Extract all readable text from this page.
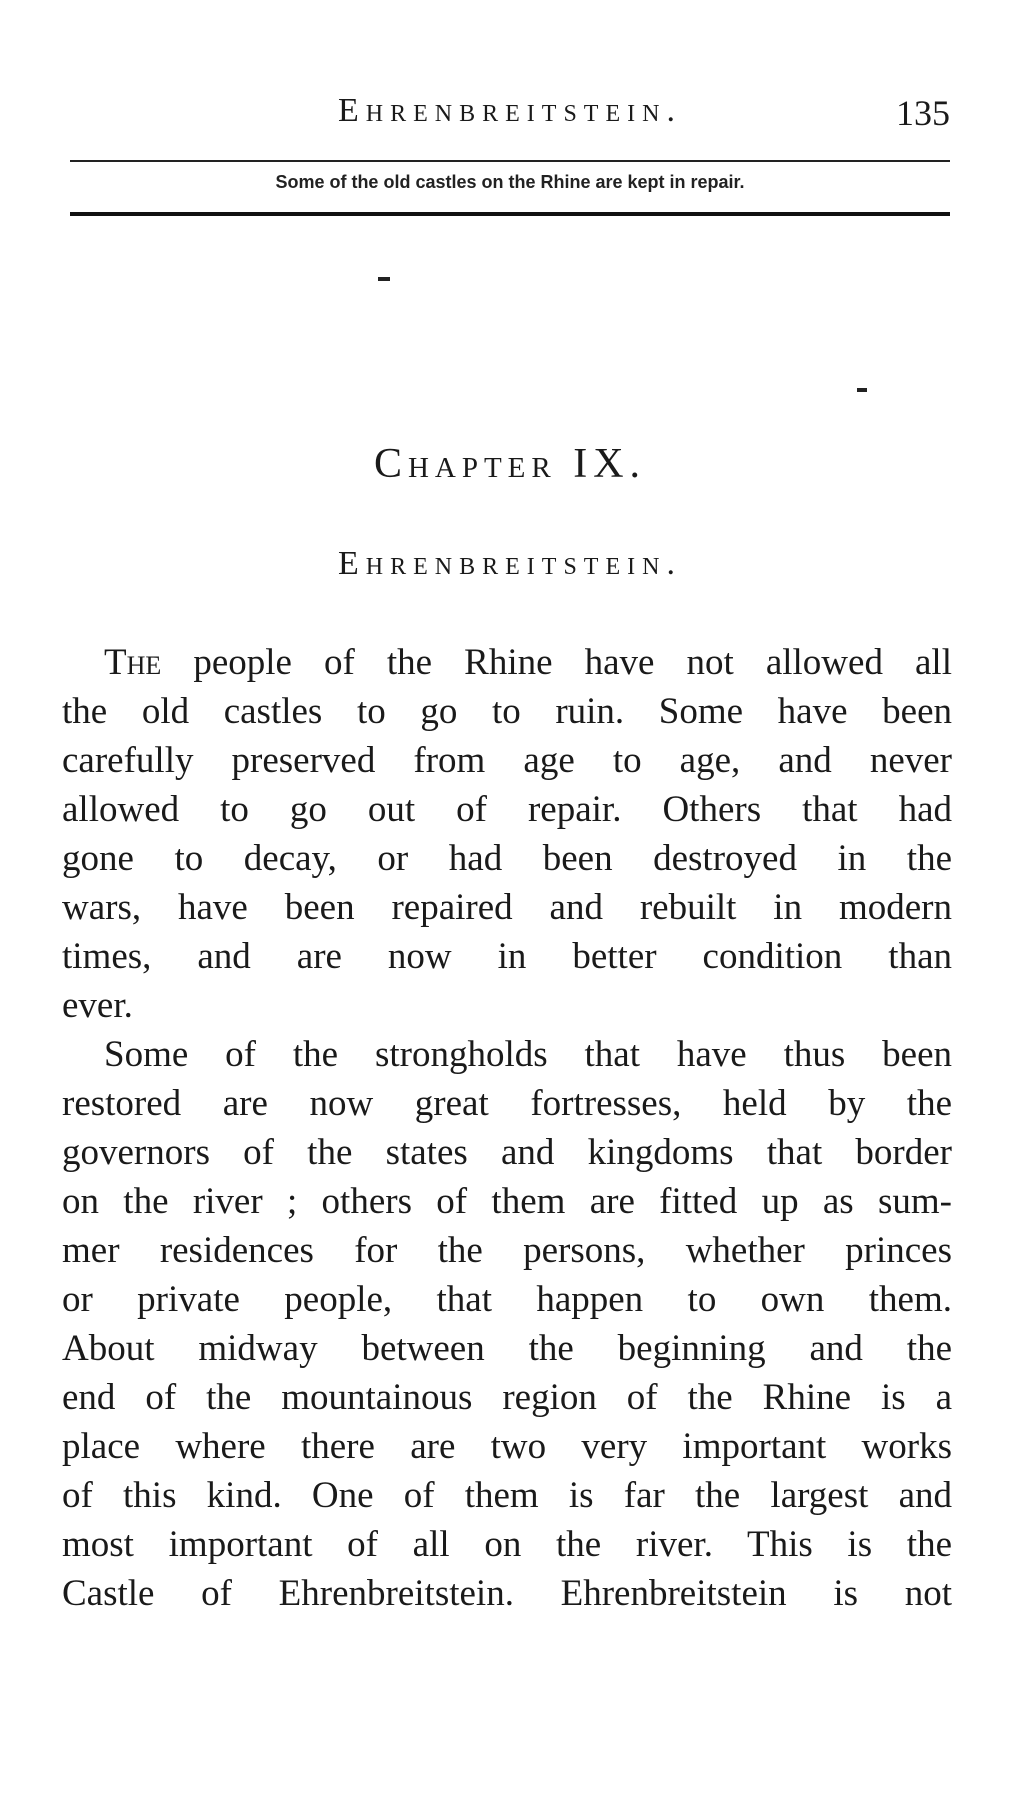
Ehrenbreitstein.	135
Some of the old castles on the Rhine are kept in repair.
Chapter IX.
Ehrenbreitstein.
The people of the Rhine have not allowed all
the old castles to go to ruin. Some have been
carefully preserved from age to age, and never
allowed to go out of repair. Others that had
gone to decay, or had been destroyed in the
wars, have been repaired and rebuilt in modern
times, and are now in better condition than
ever.
Some of the strongholds that have thus been
restored are now great fortresses, held by the
governors of the states and kingdoms that border
on the river ; others of them are fitted up as sum-
mer residences for the persons, whether princes
or private people, that happen to own them.
About midway between the beginning and the
end of the mountainous region of the Rhine is a
place where there are two very important works
of this kind. One of them is far the largest and
most important of all on the river. This is the
Castle of Ehrenbreitstein. Ehrenbreitstein is not
